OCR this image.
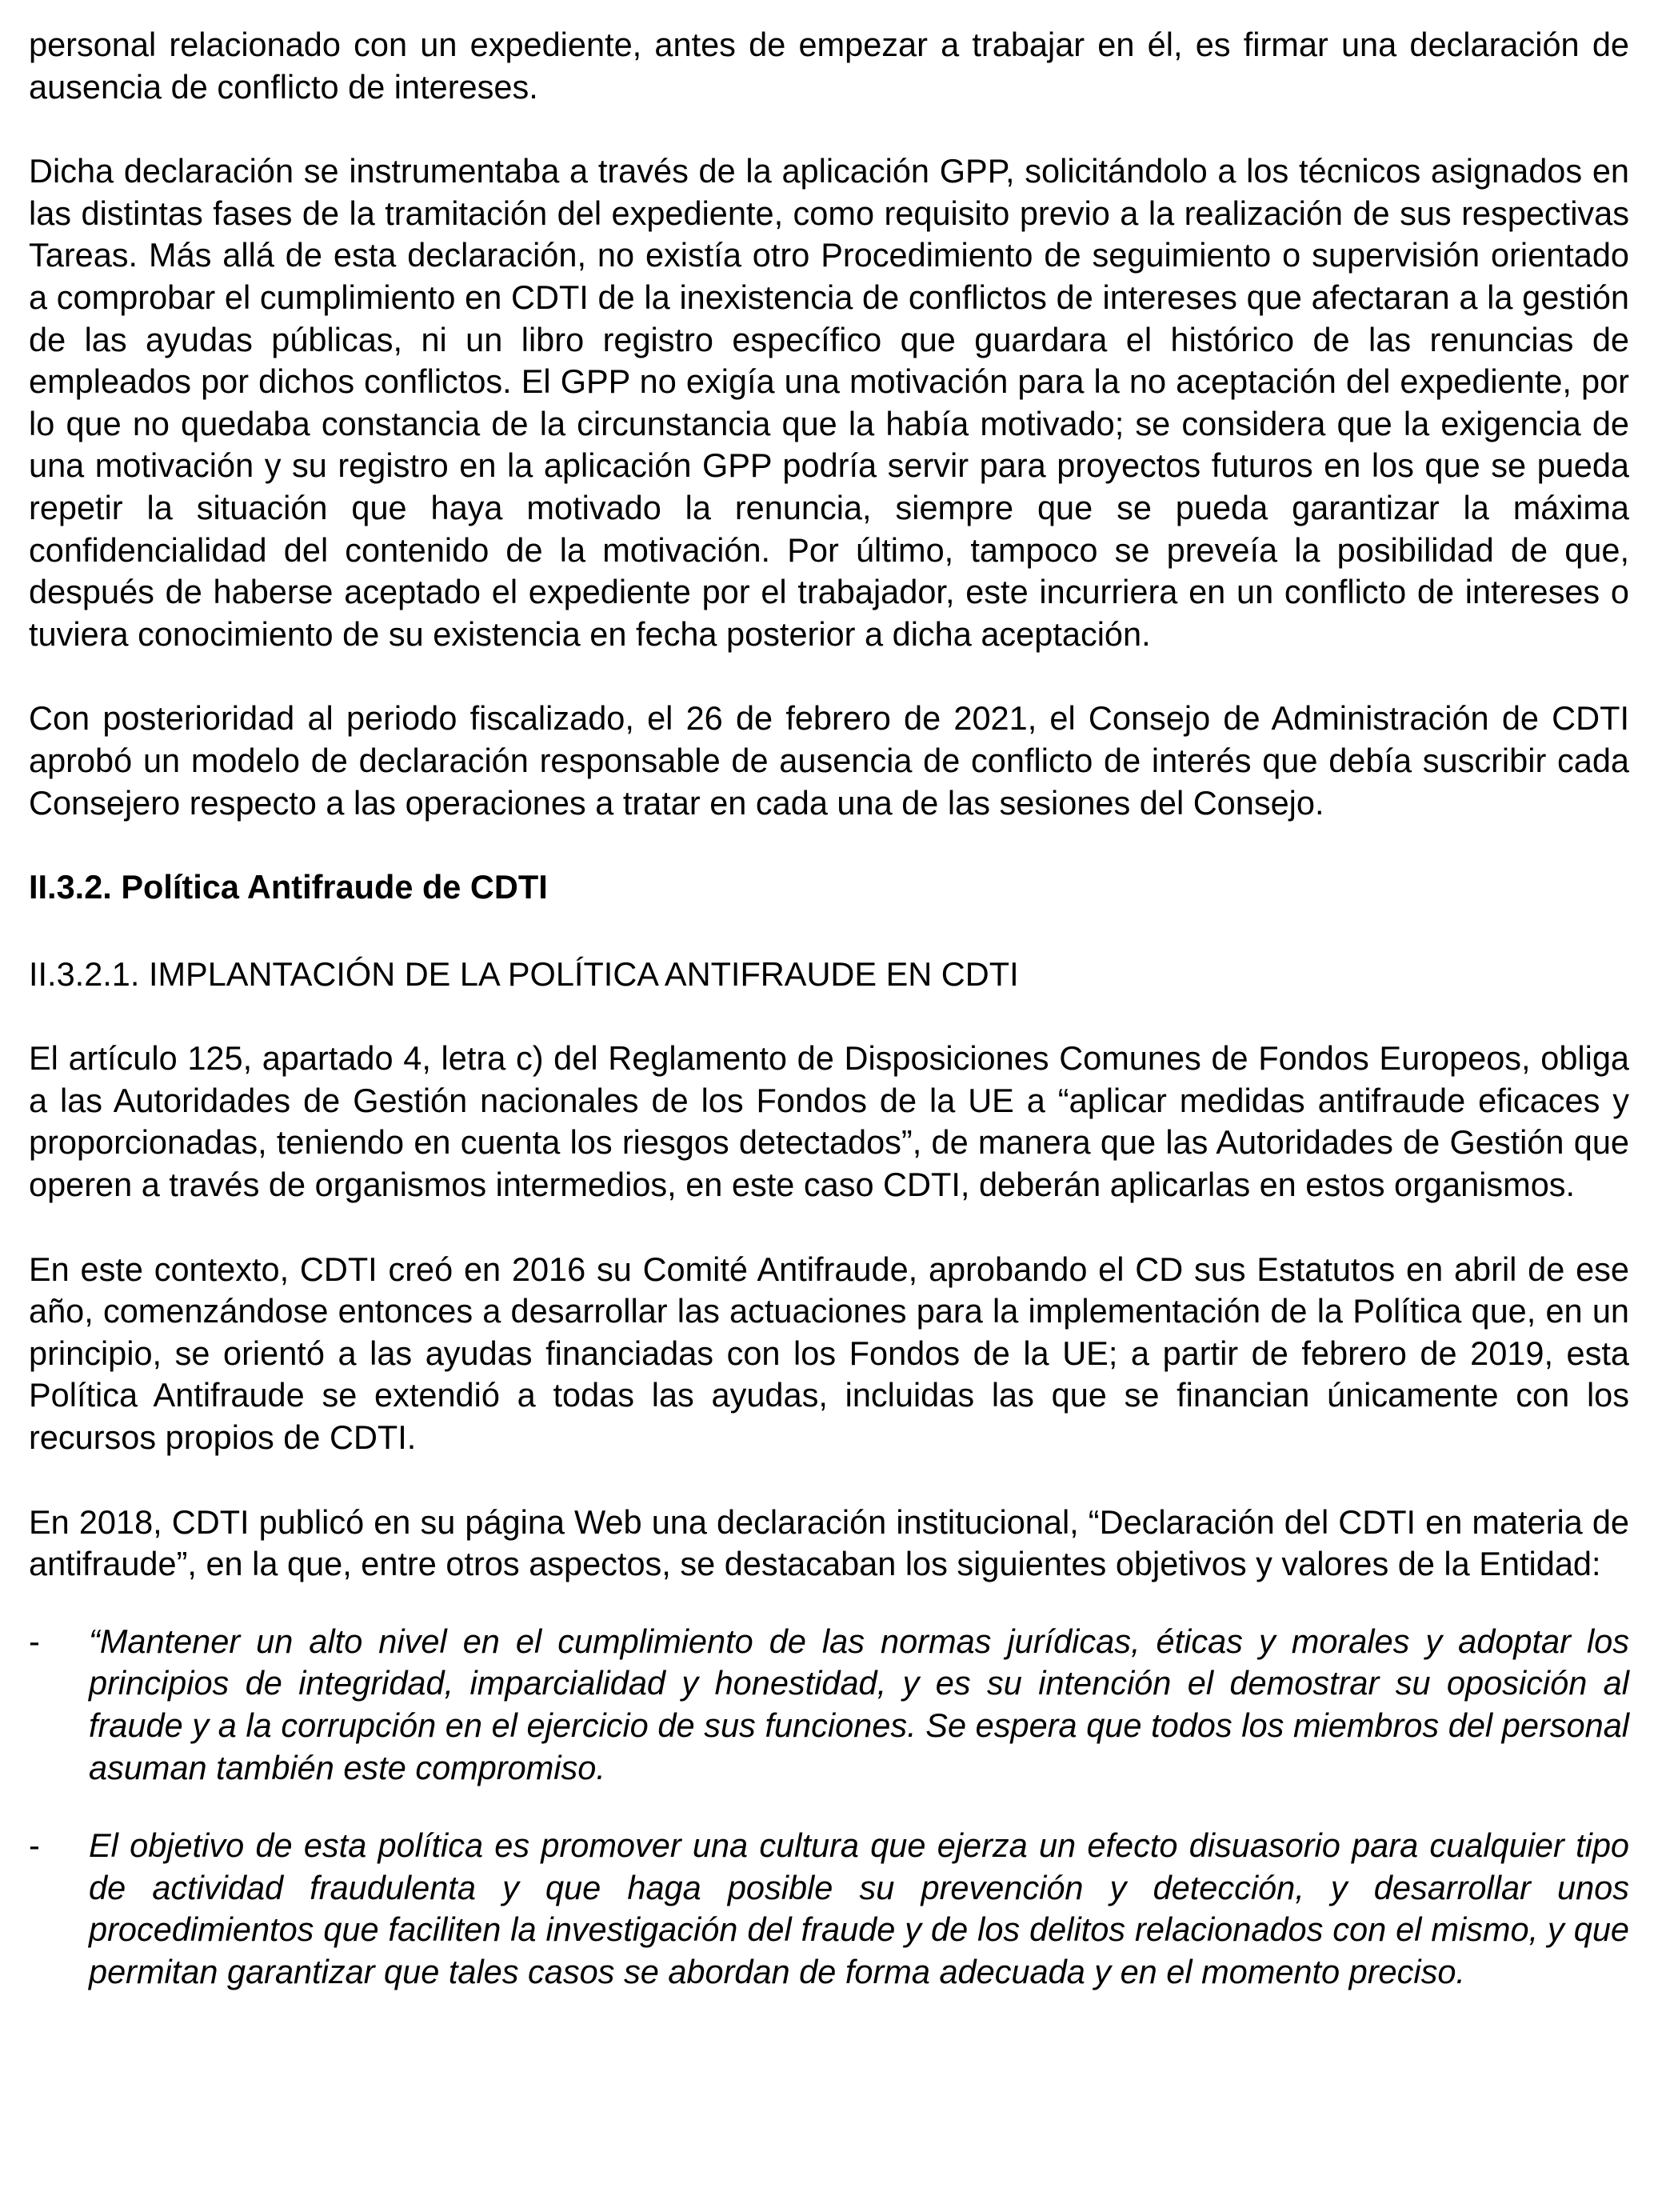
personal relacionado con un expediente, antes de empezar a trabajar en él, es firmar una declaración de ausencia de conflicto de intereses.

Dicha declaración se instrumentaba a través de la aplicación GPP, solicitándolo a los técnicos asignados en las distintas fases de la tramitación del expediente, como requisito previo a la realización de sus respectivas Tareas. Más allá de esta declaración, no existía otro Procedimiento de seguimiento o supervisión orientado a comprobar el cumplimiento en CDTI de la inexistencia de conflictos de intereses que afectaran a la gestión de las ayudas públicas, ni un libro registro específico que guardara el histórico de las renuncias de empleados por dichos conflictos. El GPP no exigía una motivación para la no aceptación del expediente, por lo que no quedaba constancia de la circunstancia que la había motivado; se considera que la exigencia de una motivación y su registro en la aplicación GPP podría servir para proyectos futuros en los que se pueda repetir la situación que haya motivado la renuncia, siempre que se pueda garantizar la máxima confidencialidad del contenido de la motivación. Por último, tampoco se preveía la posibilidad de que, después de haberse aceptado el expediente por el trabajador, este incurriera en un conflicto de intereses o tuviera conocimiento de su existencia en fecha posterior a dicha aceptación.

Con posterioridad al periodo fiscalizado, el 26 de febrero de 2021, el Consejo de Administración de CDTI aprobó un modelo de declaración responsable de ausencia de conflicto de interés que debía suscribir cada Consejero respecto a las operaciones a tratar en cada una de las sesiones del Consejo.

II.3.2. Política Antifraude de CDTI
II.3.2.1. IMPLANTACIÓN DE LA POLÍTICA ANTIFRAUDE EN CDTI

El artículo 125, apartado 4, letra c) del Reglamento de Disposiciones Comunes de Fondos Europeos, obliga a las Autoridades de Gestión nacionales de los Fondos de la UE a “aplicar medidas antifraude eficaces y proporcionadas, teniendo en cuenta los riesgos detectados”, de manera que las Autoridades de Gestión que operen a través de organismos intermedios, en este caso CDTI, deberán aplicarlas en estos organismos.

En este contexto, CDTI creó en 2016 su Comité Antifraude, aprobando el CD sus Estatutos en abril de ese año, comenzándose entonces a desarrollar las actuaciones para la implementación de la Política que, en un principio, se orientó a las ayudas financiadas con los Fondos de la UE; a partir de febrero de 2019, esta Política Antifraude se extendió a todas las ayudas, incluidas las que se financian únicamente con los recursos propios de CDTI.

En 2018, CDTI publicó en su página Web una declaración institucional, “Declaración del CDTI en materia de antifraude”, en la que, entre otros aspectos, se destacaban los siguientes objetivos y valores de la Entidad:

- “Mantener un alto nivel en el cumplimiento de las normas jurídicas, éticas y morales y adoptar los principios de integridad, imparcialidad y honestidad, y es su intención el demostrar su oposición al fraude y a la corrupción en el ejercicio de sus funciones. Se espera que todos los miembros del personal asuman también este compromiso.
- El objetivo de esta política es promover una cultura que ejerza un efecto disuasorio para cualquier tipo de actividad fraudulenta y que haga posible su prevención y detección, y desarrollar unos procedimientos que faciliten la investigación del fraude y de los delitos relacionados con el mismo, y que permitan garantizar que tales casos se abordan de forma adecuada y en el momento preciso.
